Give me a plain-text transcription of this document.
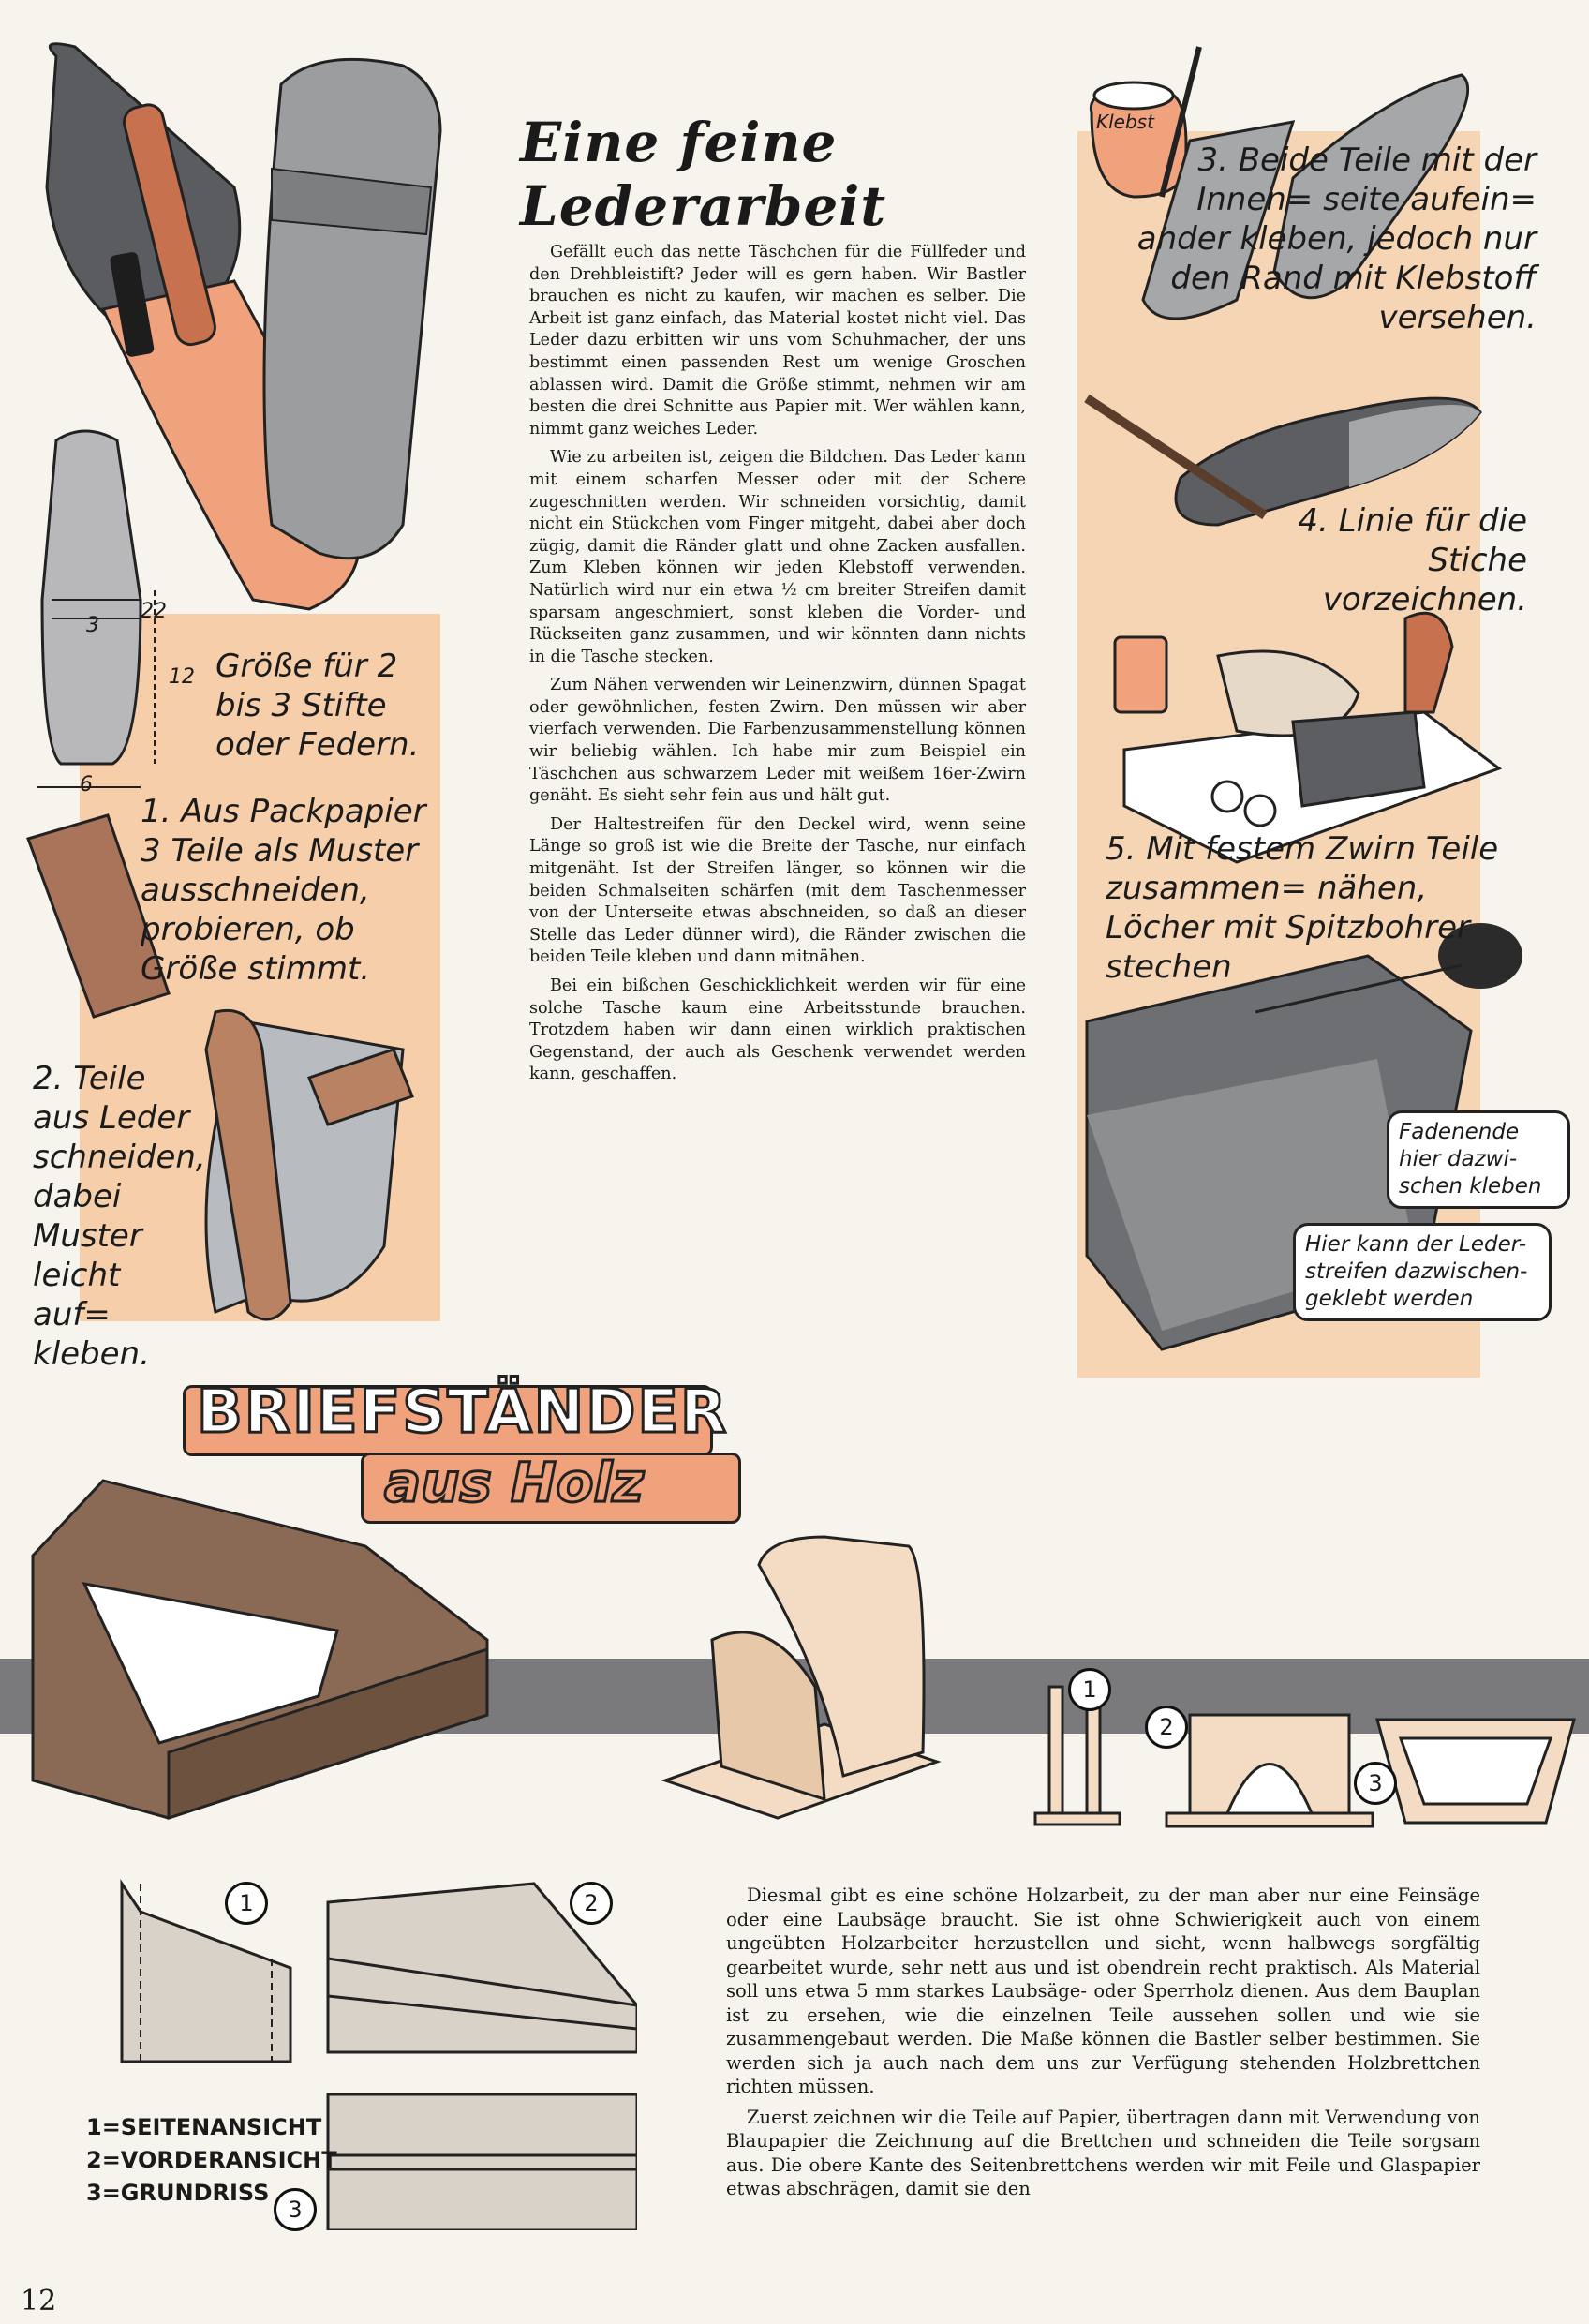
Eine feine Lederarbeit

Gefällt euch das nette Täschchen für die Füllfeder und den Drehbleistift? Jeder will es gern haben. Wir Bastler brauchen es nicht zu kaufen, wir machen es selber. Die Arbeit ist ganz einfach, das Material kostet nicht viel. Das Leder dazu erbitten wir uns vom Schuhmacher, der uns bestimmt einen passenden Rest um wenige Groschen ablassen wird. Damit die Größe stimmt, nehmen wir am besten die drei Schnitte aus Papier mit. Wer wählen kann, nimmt ganz weiches Leder.

Wie zu arbeiten ist, zeigen die Bildchen. Das Leder kann mit einem scharfen Messer oder mit der Schere zugeschnitten werden. Wir schneiden vorsichtig, damit nicht ein Stückchen vom Finger mitgeht, dabei aber doch zügig, damit die Ränder glatt und ohne Zacken ausfallen. Zum Kleben können wir jeden Klebstoff verwenden. Natürlich wird nur ein etwa ½ cm breiter Streifen damit sparsam angeschmiert, sonst kleben die Vorder- und Rückseiten ganz zusammen, und wir könnten dann nichts in die Tasche stecken.

Zum Nähen verwenden wir Leinenzwirn, dünnen Spagat oder gewöhnlichen, festen Zwirn. Den müssen wir aber vierfach verwenden. Die Farbenzusammenstellung können wir beliebig wählen. Ich habe mir zum Beispiel ein Täschchen aus schwarzem Leder mit weißem 16er-Zwirn genäht. Es sieht sehr fein aus und hält gut.

Der Haltestreifen für den Deckel wird, wenn seine Länge so groß ist wie die Breite der Tasche, nur einfach mitgenäht. Ist der Streifen länger, so können wir die beiden Schmalseiten schärfen (mit dem Taschenmesser von der Unterseite etwas abschneiden, so daß an dieser Stelle das Leder dünner wird), die Ränder zwischen die beiden Teile kleben und dann mitnähen.

Bei ein bißchen Geschicklichkeit werden wir für eine solche Tasche kaum eine Arbeitsstunde brauchen. Trotzdem haben wir dann einen wirklich praktischen Gegenstand, der auch als Geschenk verwendet werden kann, geschaffen.

22
12
3
6
Größe für 2 bis 3 Stifte oder Federn.
1. Aus Packpapier 3 Teile als Muster ausschneiden, probieren, ob Größe stimmt.
2. Teile aus Leder schneiden, dabei Muster leicht auf= kleben.
Klebst
3. Beide Teile mit der Innen= seite aufein= ander kleben, jedoch nur den Rand mit Klebstoff versehen.
4. Linie für die Stiche vorzeichnen.
5. Mit festem Zwirn Teile zusammen= nähen, Löcher mit Spitzbohrer stechen
Fadenende hier dazwi- schen kleben
Hier kann der Leder- streifen dazwischen- geklebt werden
BRIEFSTÄNDER
aus Holz
1
2
3
1	2
3
1=SEITENANSICHT
2=VORDERANSICHT
3=GRUNDRISS

Diesmal gibt es eine schöne Holzarbeit, zu der man aber nur eine Feinsäge oder eine Laubsäge braucht. Sie ist ohne Schwierigkeit auch von einem ungeübten Holzarbeiter herzustellen und sieht, wenn halbwegs sorgfältig gearbeitet wurde, sehr nett aus und ist obendrein recht praktisch. Als Material soll uns etwa 5 mm starkes Laubsäge- oder Sperrholz dienen. Aus dem Bauplan ist zu ersehen, wie die einzelnen Teile aussehen sollen und wie sie zusammengebaut werden. Die Maße können die Bastler selber bestimmen. Sie werden sich ja auch nach dem uns zur Verfügung stehenden Holzbrettchen richten müssen.

Zuerst zeichnen wir die Teile auf Papier, übertragen dann mit Verwendung von Blaupapier die Zeichnung auf die Brettchen und schneiden die Teile sorgsam aus. Die obere Kante des Seitenbrettchens werden wir mit Feile und Glaspapier etwas abschrägen, damit sie den

12
